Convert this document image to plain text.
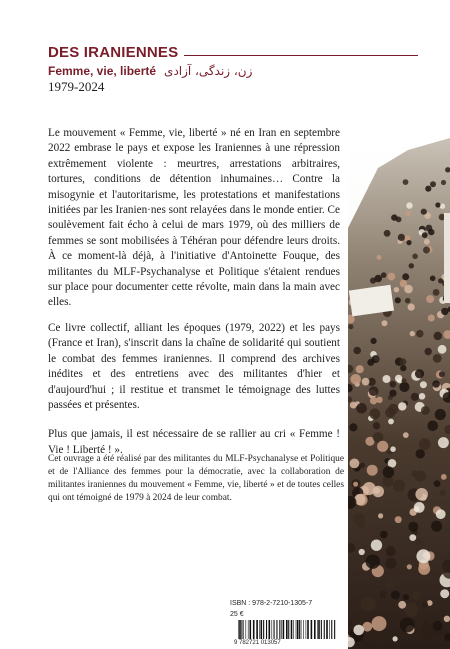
DES IRANIENNES
Femme, vie, liberté زن، زندگی، آزادی
1979-2024

Le mouvement « Femme, vie, liberté » né en Iran en septembre 2022 embrase le pays et expose les Iraniennes à une répression extrêmement violente : meurtres, arrestations arbitraires, tortures, conditions de détention inhumaines… Contre la misogynie et l'autoritarisme, les protestations et manifestations initiées par les Iranien·nes sont relayées dans le monde entier. Ce soulèvement fait écho à celui de mars 1979, où des milliers de femmes se sont mobilisées à Téhéran pour défendre leurs droits. À ce moment-là déjà, à l'initiative d'Antoinette Fouque, des militantes du MLF-Psychanalyse et Politique s'étaient rendues sur place pour documenter cette révolte, main dans la main avec elles.

Ce livre collectif, alliant les époques (1979, 2022) et les pays (France et Iran), s'inscrit dans la chaîne de solidarité qui soutient le combat des femmes iraniennes. Il comprend des archives inédites et des entretiens avec des militantes d'hier et d'aujourd'hui ; il restitue et transmet le témoignage des luttes passées et présentes.

Plus que jamais, il est nécessaire de se rallier au cri « Femme ! Vie ! Liberté ! ».

Cet ouvrage a été réalisé par des militantes du MLF-Psychanalyse et Politique et de l'Alliance des femmes pour la démocratie, avec la collaboration de militantes iraniennes du mouvement « Femme, vie, liberté » et de toutes celles qui ont témoigné de 1979 à 2024 de leur combat.

ISBN : 978-2-7210-1305-7
25 €
9 782721 013057
